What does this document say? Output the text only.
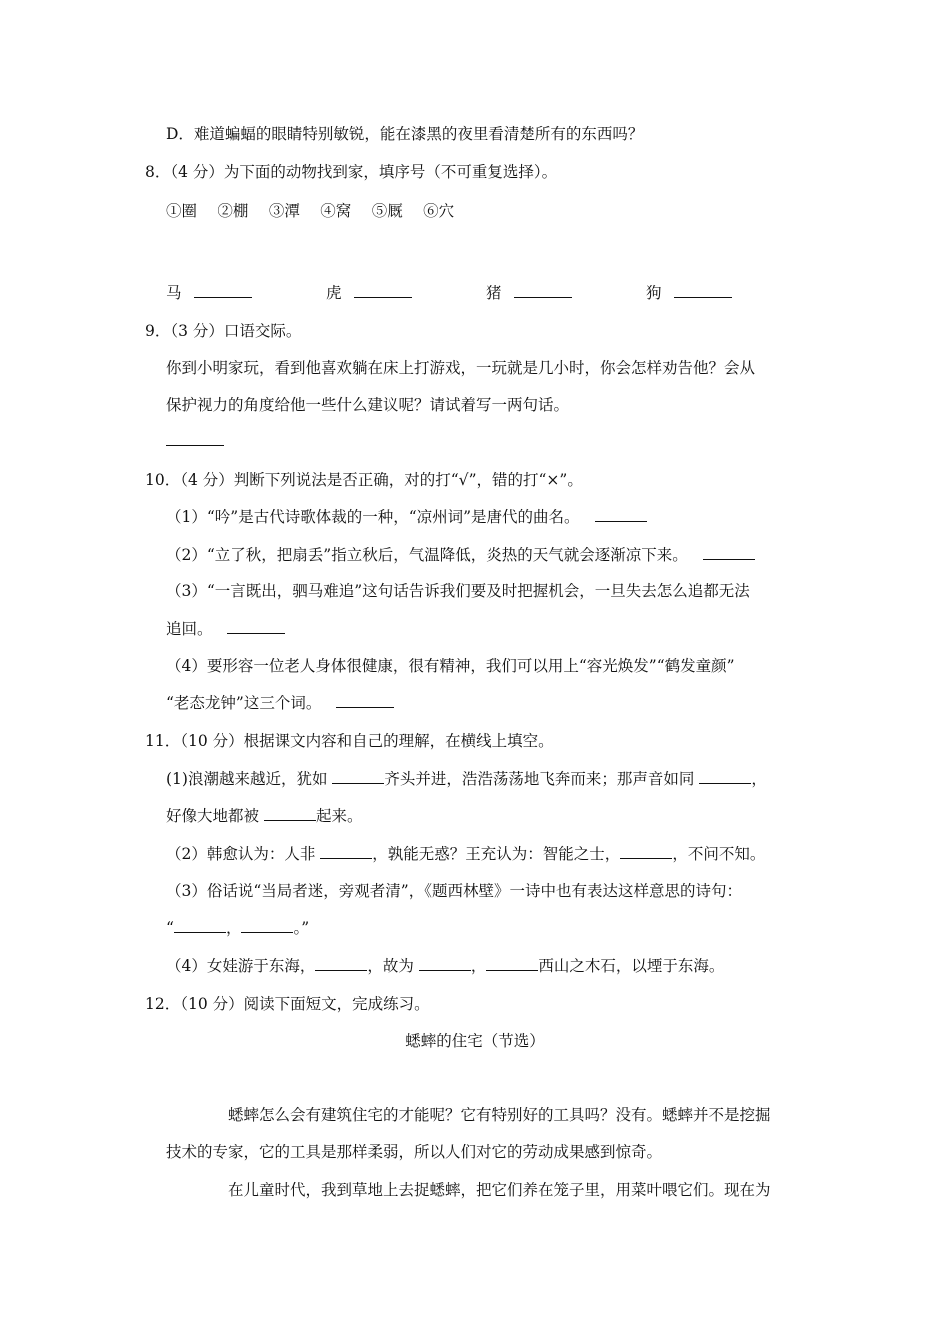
D．难道蝙蝠的眼睛特别敏锐，能在漆黑的夜里看清楚所有的东西吗？
8．（4 分）为下面的动物找到家，填序号（不可重复选择）。
①圈　 ②棚　 ③潭　 ④窝　 ⑤厩　 ⑥穴
马	虎	猪	狗
9．（3 分）口语交际。
你到小明家玩，看到他喜欢躺在床上打游戏，一玩就是几小时，你会怎样劝告他？会从
保护视力的角度给他一些什么建议呢？请试着写一两句话。
10．（4 分）判断下列说法是否正确，对的打“√”，错的打“×”。
（1）“吟”是古代诗歌体裁的一种，“凉州词”是唐代的曲名。
（2）“立了秋，把扇丢”指立秋后，气温降低，炎热的天气就会逐渐凉下来。
（3）“一言既出，驷马难追”这句话告诉我们要及时把握机会，一旦失去怎么追都无法
追回。
（4）要形容一位老人身体很健康，很有精神，我们可以用上“容光焕发”“鹤发童颜”
“老态龙钟”这三个词。
11．（10 分）根据课文内容和自己的理解，在横线上填空。
(1)浪潮越来越近，犹如	齐头并进，浩浩荡荡地飞奔而来；那声音如同	，
好像大地都被	起来。
（2）韩愈认为：人非	，孰能无惑？王充认为：智能之士，	，不问不知。
（3）俗话说“当局者迷，旁观者清”，《题西林壁》一诗中也有表达这样意思的诗句：
“	，	。”
（4）女娃游于东海，	，故为	，	西山之木石，以堙于东海。
12．（10 分）阅读下面短文，完成练习。
蟋蟀的住宅（节选）
蟋蟀怎么会有建筑住宅的才能呢？它有特别好的工具吗？没有。蟋蟀并不是挖掘
技术的专家，它的工具是那样柔弱，所以人们对它的劳动成果感到惊奇。
在儿童时代，我到草地上去捉蟋蟀，把它们养在笼子里，用菜叶喂它们。现在为
